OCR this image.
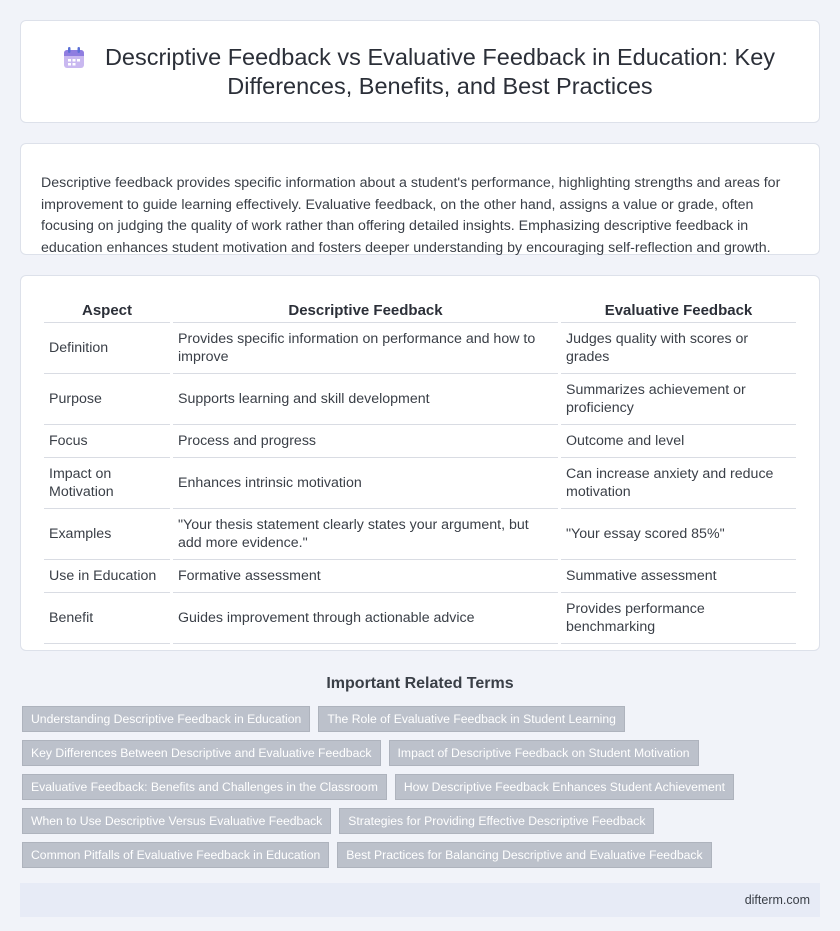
Descriptive Feedback vs Evaluative Feedback in Education: Key Differences, Benefits, and Best Practices

Descriptive feedback provides specific information about a student's performance, highlighting strengths and areas for improvement to guide learning effectively. Evaluative feedback, on the other hand, assigns a value or grade, often focusing on judging the quality of work rather than offering detailed insights. Emphasizing descriptive feedback in education enhances student motivation and fosters deeper understanding by encouraging self-reflection and growth.

Aspect	Descriptive Feedback	Evaluative Feedback
Definition	Provides specific information on performance and how to improve	Judges quality with scores or grades
Purpose	Supports learning and skill development	Summarizes achievement or proficiency
Focus	Process and progress	Outcome and level
Impact on Motivation	Enhances intrinsic motivation	Can increase anxiety and reduce motivation
Examples	"Your thesis statement clearly states your argument, but add more evidence."	"Your essay scored 85%"
Use in Education	Formative assessment	Summative assessment
Benefit	Guides improvement through actionable advice	Provides performance benchmarking
Important Related Terms
Understanding Descriptive Feedback in Education	The Role of Evaluative Feedback in Student Learning
Key Differences Between Descriptive and Evaluative Feedback	Impact of Descriptive Feedback on Student Motivation
Evaluative Feedback: Benefits and Challenges in the Classroom	How Descriptive Feedback Enhances Student Achievement
When to Use Descriptive Versus Evaluative Feedback	Strategies for Providing Effective Descriptive Feedback
Common Pitfalls of Evaluative Feedback in Education	Best Practices for Balancing Descriptive and Evaluative Feedback
difterm.com
